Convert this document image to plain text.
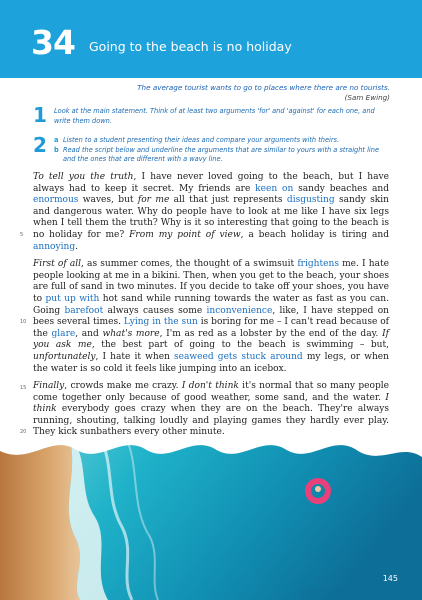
34 Going to the beach is no holiday
The average tourist wants to go to places where there are no tourists.
(Sam Ewing)
1 Look at the main statement. Think of at least two arguments 'for' and 'against' for each one, and write them down.
2 a Listen to a student presenting their ideas and compare your arguments with theirs.
b Read the script below and underline the arguments that are similar to yours with a straight line and the ones that are different with a wavy line.
5
10
15
20

To tell you the truth, I have never loved going to the beach, but I have always had to keep it secret. My friends are keen on sandy beaches and enormous waves, but for me all that just represents disgusting sandy skin and dangerous water. Why do people have to look at me like I have six legs when I tell them the truth? Why is it so interesting that going to the beach is no holiday for me? From my point of view, a beach holiday is tiring and annoying.

First of all, as summer comes, the thought of a swimsuit frightens me. I hate people looking at me in a bikini. Then, when you get to the beach, your shoes are full of sand in two minutes. If you decide to take off your shoes, you have to put up with hot sand while running towards the water as fast as you can. Going barefoot always causes some inconvenience, like, I have stepped on bees several times. Lying in the sun is boring for me – I can't read because of the glare, and what's more, I'm as red as a lobster by the end of the day. If you ask me, the best part of going to the beach is swimming – but, unfortunately, I hate it when seaweed gets stuck around my legs, or when the water is so cold it feels like jumping into an icebox.

Finally, crowds make me crazy. I don't think it's normal that so many people come together only because of good weather, some sand, and the water. I think everybody goes crazy when they are on the beach. They're always running, shouting, talking loudly and playing games they hardly ever play. They kick sunbathers every other minute.

145
